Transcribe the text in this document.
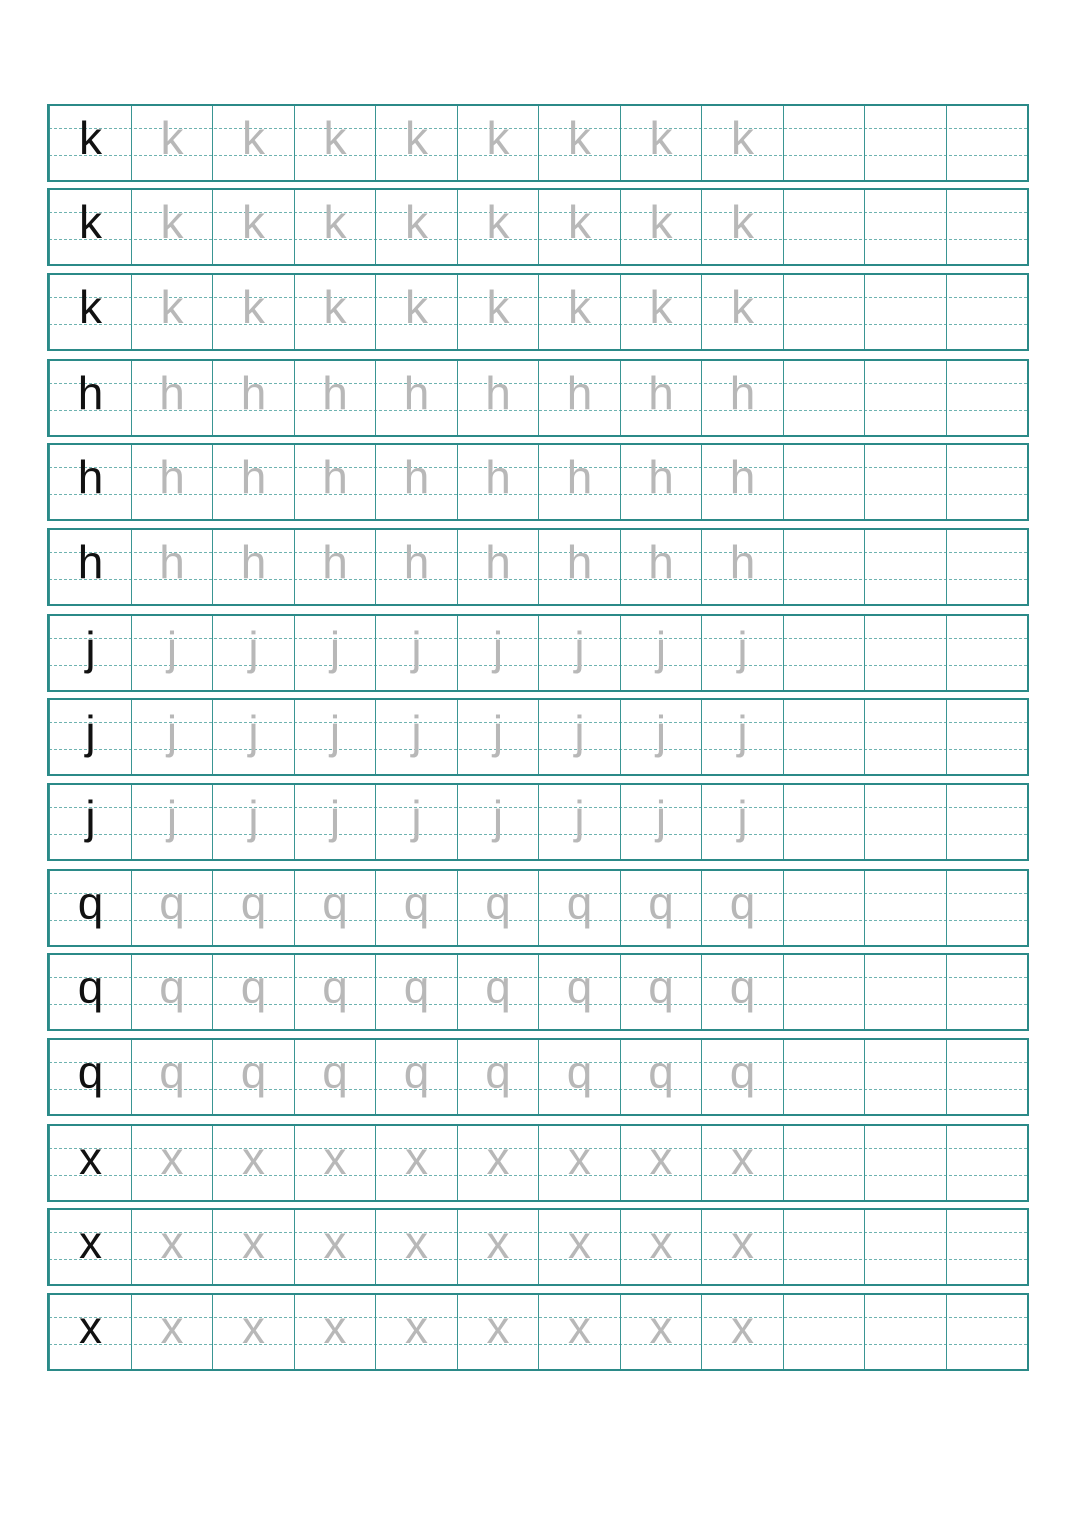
k	k	k	k	k	k	k	k	k
k	k	k	k	k	k	k	k	k
k	k	k	k	k	k	k	k	k
h	h	h	h	h	h	h	h	h
h	h	h	h	h	h	h	h	h
h	h	h	h	h	h	h	h	h
j	j	j	j	j	j	j	j	j
j	j	j	j	j	j	j	j	j
j	j	j	j	j	j	j	j	j
q	q	q	q	q	q	q	q	q
q	q	q	q	q	q	q	q	q
q	q	q	q	q	q	q	q	q
x	x	x	x	x	x	x	x	x
x	x	x	x	x	x	x	x	x
x	x	x	x	x	x	x	x	x
